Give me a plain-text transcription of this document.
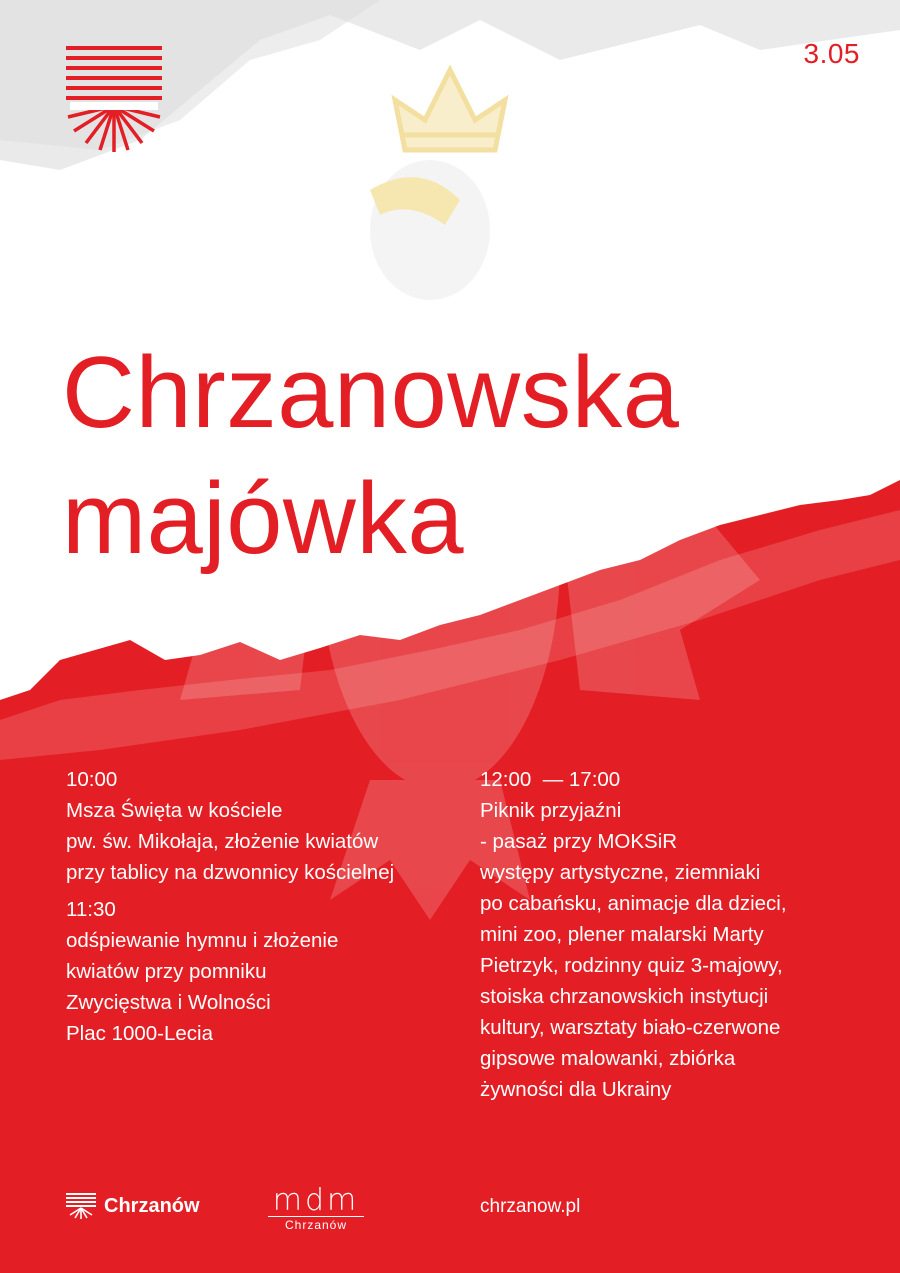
3.05
Chrzanowska
majówka
10:00
Msza Święta w kościele
pw. św. Mikołaja, złożenie kwiatów
przy tablicy na dzwonnicy kościelnej
11:30
odśpiewanie hymnu i złożenie
kwiatów przy pomniku
Zwycięstwa i Wolności
Plac 1000-Lecia
12:00  — 17:00
Piknik przyjaźni
- pasaż przy MOKSiR
występy artystyczne, ziemniaki
po cabańsku, animacje dla dzieci,
mini zoo, plener malarski Marty
Pietrzyk, rodzinny quiz 3-majowy,
stoiska chrzanowskich instytucji
kultury, warsztaty biało-czerwone
gipsowe malowanki, zbiórka
żywności dla Ukrainy
Chrzanów mdm
Chrzanów
chrzanow.pl
